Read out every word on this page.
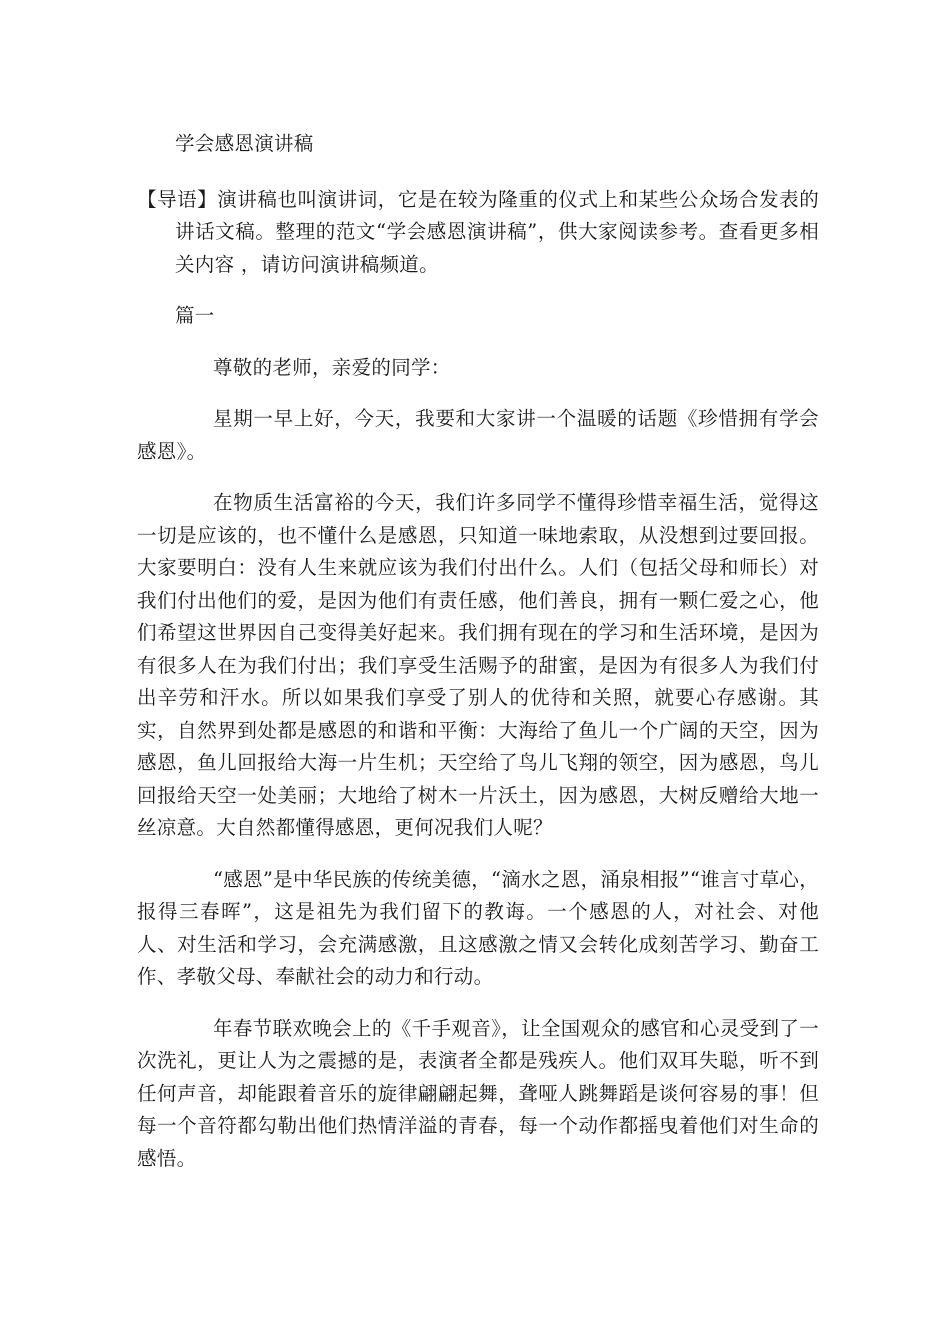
学会感恩演讲稿

【导语】演讲稿也叫演讲词，它是在较为隆重的仪式上和某些公众场合发表的讲话文稿。整理的范文“学会感恩演讲稿”，供大家阅读参考。查看更多相关内容 ，请访问演讲稿频道。

篇一

尊敬的老师，亲爱的同学：

星期一早上好，今天，我要和大家讲一个温暖的话题《珍惜拥有学会感恩》。

在物质生活富裕的今天，我们许多同学不懂得珍惜幸福生活，觉得这一切是应该的，也不懂什么是感恩，只知道一味地索取，从没想到过要回报。大家要明白：没有人生来就应该为我们付出什么。人们（包括父母和师长）对我们付出他们的爱，是因为他们有责任感，他们善良，拥有一颗仁爱之心，他们希望这世界因自己变得美好起来。我们拥有现在的学习和生活环境，是因为有很多人在为我们付出；我们享受生活赐予的甜蜜，是因为有很多人为我们付出辛劳和汗水。所以如果我们享受了别人的优待和关照，就要心存感谢。其实，自然界到处都是感恩的和谐和平衡：大海给了鱼儿一个广阔的天空，因为感恩，鱼儿回报给大海一片生机；天空给了鸟儿飞翔的领空，因为感恩，鸟儿回报给天空一处美丽；大地给了树木一片沃土，因为感恩，大树反赠给大地一丝凉意。大自然都懂得感恩，更何况我们人呢？

“感恩”是中华民族的传统美德，“滴水之恩，涌泉相报”“谁言寸草心，报得三春晖”，这是祖先为我们留下的教诲。一个感恩的人，对社会、对他人、对生活和学习，会充满感激，且这感激之情又会转化成刻苦学习、勤奋工作、孝敬父母、奉献社会的动力和行动。

年春节联欢晚会上的《千手观音》，让全国观众的感官和心灵受到了一次洗礼，更让人为之震撼的是，表演者全都是残疾人。他们双耳失聪，听不到任何声音，却能跟着音乐的旋律翩翩起舞，聋哑人跳舞蹈是谈何容易的事！但每一个音符都勾勒出他们热情洋溢的青春，每一个动作都摇曳着他们对生命的感悟。
